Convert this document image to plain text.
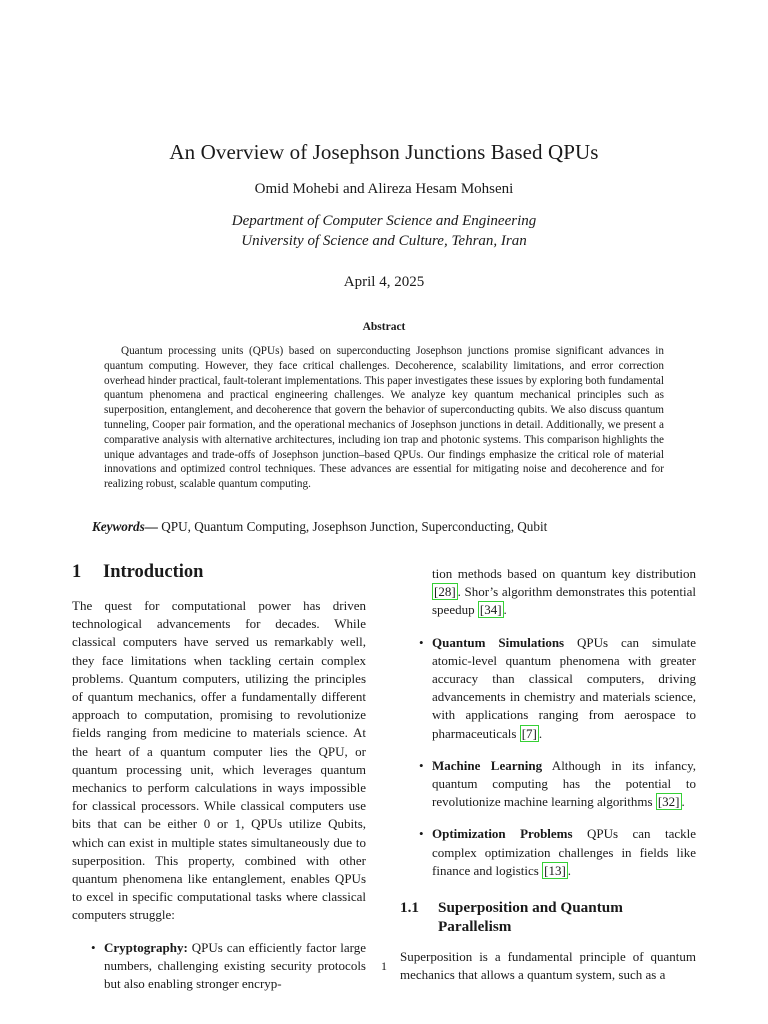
An Overview of Josephson Junctions Based QPUs
Omid Mohebi and Alireza Hesam Mohseni
Department of Computer Science and Engineering
University of Science and Culture, Tehran, Iran
April 4, 2025
Abstract

Quantum processing units (QPUs) based on superconducting Josephson junctions promise significant advances in quantum computing. However, they face critical challenges. Decoherence, scalability limitations, and error correction overhead hinder practical, fault-tolerant implementations. This paper investigates these issues by exploring both fundamental quantum phenomena and practical engineering challenges. We analyze key quantum mechanical principles such as superposition, entanglement, and decoherence that govern the behavior of superconducting qubits. We also discuss quantum tunneling, Cooper pair formation, and the operational mechanics of Josephson junctions in detail. Additionally, we present a comparative analysis with alternative architectures, including ion trap and photonic systems. This comparison highlights the unique advantages and trade-offs of Josephson junction–based QPUs. Our findings emphasize the critical role of material innovations and optimized control techniques. These advances are essential for mitigating noise and decoherence and for realizing robust, scalable quantum computing.

Keywords— QPU, Quantum Computing, Josephson Junction, Superconducting, Qubit
1	Introduction

The quest for computational power has driven technological advancements for decades. While classical computers have served us remarkably well, they face limitations when tackling certain complex problems. Quantum computers, utilizing the principles of quantum mechanics, offer a fundamentally different approach to computation, promising to revolutionize fields ranging from medicine to materials science. At the heart of a quantum computer lies the QPU, or quantum processing unit, which leverages quantum mechanics to perform calculations in ways impossible for classical processors. While classical computers use bits that can be either 0 or 1, QPUs utilize Qubits, which can exist in multiple states simultaneously due to superposition. This property, combined with other quantum phenomena like entanglement, enables QPUs to excel in specific computational tasks where classical computers struggle:

• Cryptography: QPUs can efficiently factor large numbers, challenging existing security protocols but also enabling stronger encryp-

tion methods based on quantum key distribution [28] . Shor’s algorithm demonstrates this potential speedup [34] .

• Quantum Simulations QPUs can simulate atomic-level quantum phenomena with greater accuracy than classical computers, driving advancements in chemistry and materials science, with applications ranging from aerospace to pharmaceuticals [7] .
• Machine Learning Although in its infancy, quantum computing has the potential to revolutionize machine learning algorithms [32] .
• Optimization Problems QPUs can tackle complex optimization challenges in fields like finance and logistics [13] .
1.1	Superposition and Quantum Parallelism

Superposition is a fundamental principle of quantum mechanics that allows a quantum system, such as a

1
